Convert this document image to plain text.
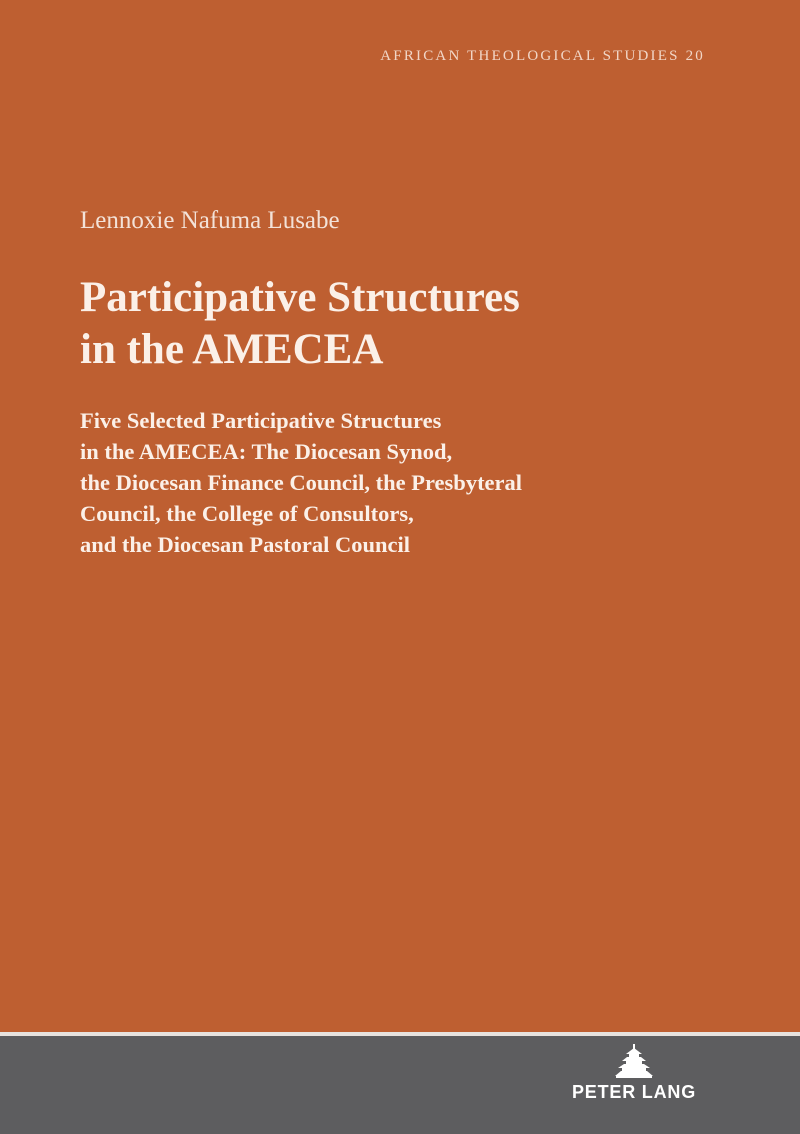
AFRICAN THEOLOGICAL STUDIES 20
Lennoxie Nafuma Lusabe
Participative Structures
in the AMECEA
Five Selected Participative Structures
in the AMECEA: The Diocesan Synod,
the Diocesan Finance Council, the Presbyteral
Council, the College of Consultors,
and the Diocesan Pastoral Council
PETER LANG
